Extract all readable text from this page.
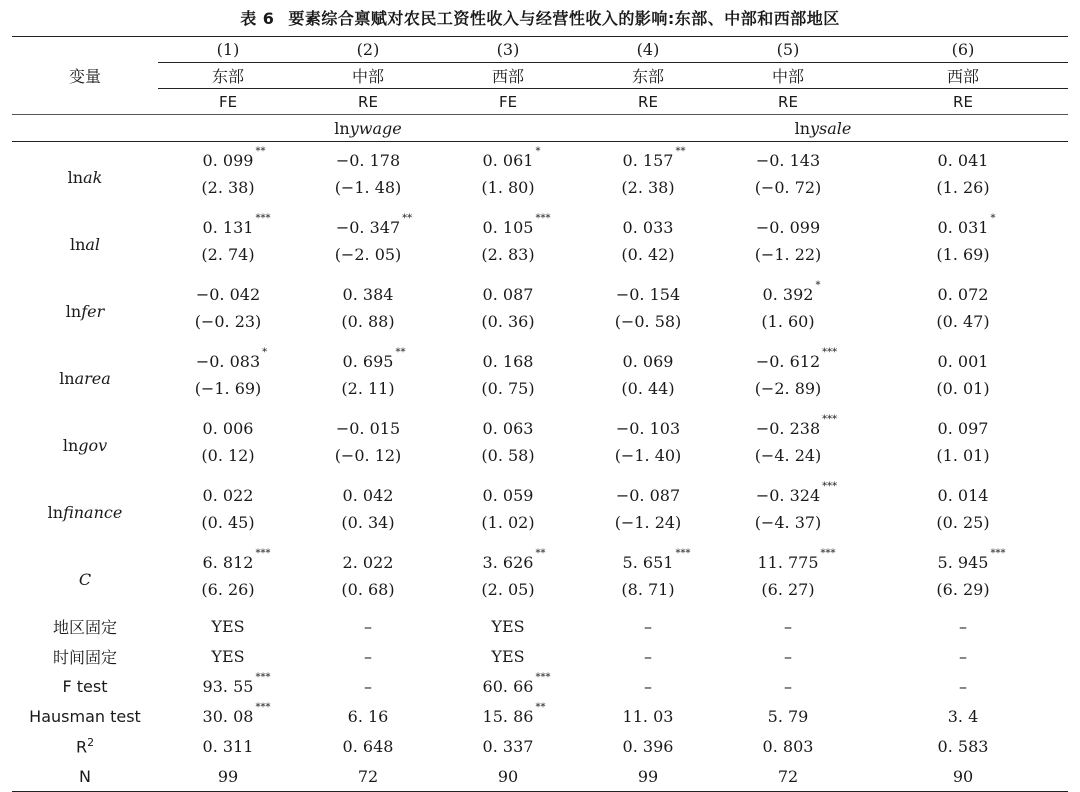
表 6 要素综合禀赋对农民工资性收入与经营性收入的影响:东部、中部和西部地区
变量	(1)	(2)	(3)	(4)	(5)	(6)
	东部	中部	西部	东部	中部	西部
	FE	RE	FE	RE	RE	RE
	lnywage			lnysale		
lnak	0. 099 **	−0. 178	0. 061 *	0. 157 **	−0. 143	0. 041
	(2. 38)	(−1. 48)	(1. 80)	(2. 38)	(−0. 72)	(1. 26)
lnal	0. 131 ***	−0. 347 **	0. 105 ***	0. 033	−0. 099	0. 031 *

	(2. 74)	(−2. 05)	(2. 83)	(0. 42)	(−1. 22)	(1. 69)
lnfer	−0. 042	0. 384	0. 087	−0. 154	0. 392 *	0. 072
	(−0. 23)	(0. 88)	(0. 36)	(−0. 58)	(1. 60)	(0. 47)
lnarea	−0. 083 *	0. 695 **	0. 168	0. 069	−0. 612 ***	0. 001
	(−1. 69)	(2. 11)	(0. 75)	(0. 44)	(−2. 89)	(0. 01)
lngov	0. 006	−0. 015	0. 063	−0. 103	−0. 238 ***	0. 097
	(0. 12)	(−0. 12)	(0. 58)	(−1. 40)	(−4. 24)	(1. 01)
lnfinance	0. 022	0. 042	0. 059	−0. 087	−0. 324 ***	0. 014
	(0. 45)	(0. 34)	(1. 02)	(−1. 24)	(−4. 37)	(0. 25)
C	6. 812 ***	2. 022	3. 626 **	5. 651 ***	11. 775 ***	5. 945 ***

	(6. 26)	(0. 68)	(2. 05)	(8. 71)	(6. 27)	(6. 29)
地区固定	YES	–	YES	–	–	–
时间固定	YES	–	YES	–	–	–
F test	93. 55 ***	–	60. 66 ***	–	–	–
Hausman test	30. 08 ***	6. 16	15. 86 **	11. 03	5. 79	3. 4
$R^2$	0. 311	0. 648	0. 337	0. 396	0. 803	0. 583
N	99	72	90	99	72	90
